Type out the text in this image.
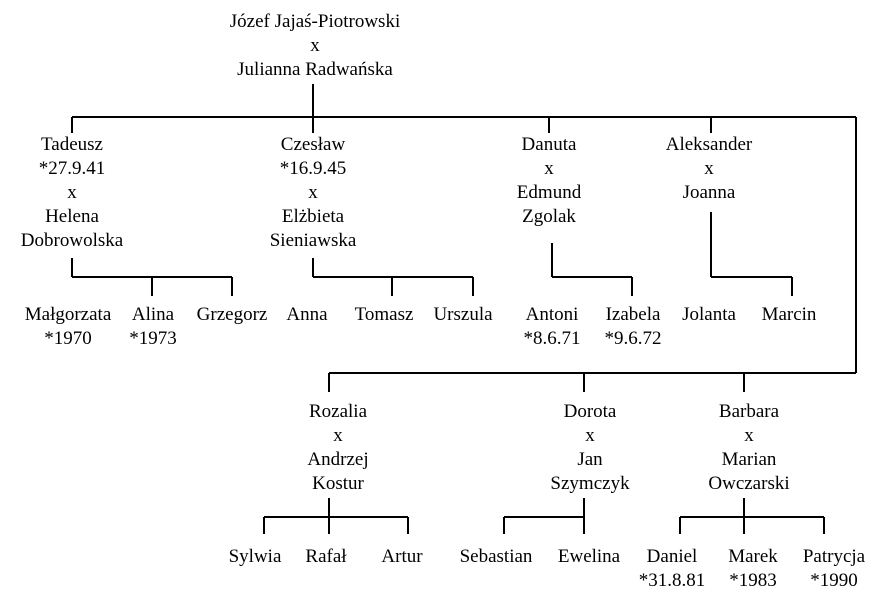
Józef Jajaś-Piotrowski
x
Julianna Radwańska
Tadeusz
*27.9.41
x
Helena
Dobrowolska
Czesław
*16.9.45
x
Elżbieta
Sieniawska
Danuta
x
Edmund
Zgolak
Aleksander
x
Joanna
Małgorzata
*1970
Alina
*1973
Grzegorz Anna Tomasz Urszula Antoni
*8.6.71
Izabela
*9.6.72
Jolanta Marcin
Rozalia
x
Andrzej
Kostur
Dorota
x
Jan
Szymczyk
Barbara
x
Marian
Owczarski
Sylwia Rafał Artur Sebastian Ewelina	Daniel
*31.8.81
Marek
*1983
Patrycja
*1990
